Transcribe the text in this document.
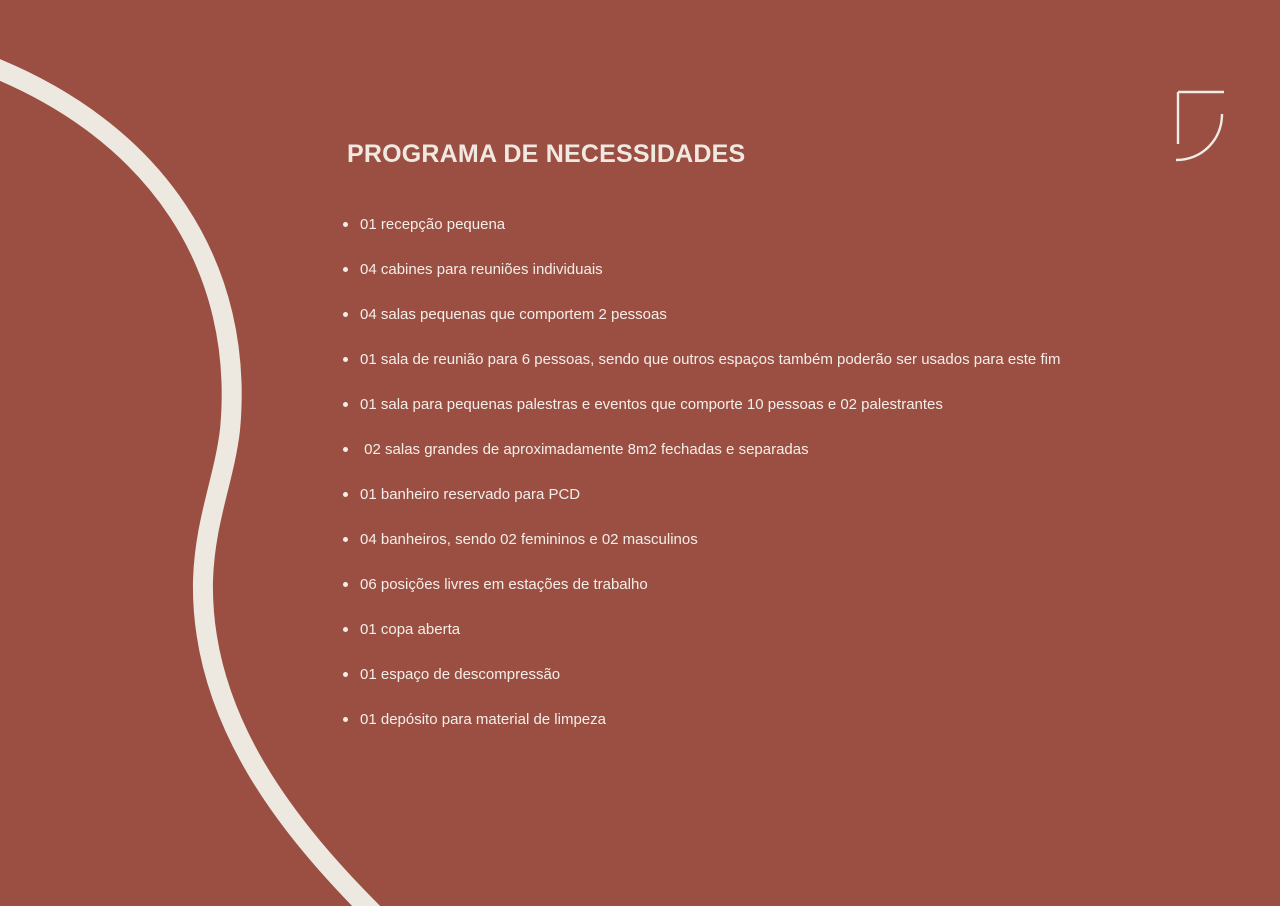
PROGRAMA DE NECESSIDADES
01 recepção pequena
04 cabines para reuniões individuais
04 salas pequenas que comportem 2 pessoas
01 sala de reunião para 6 pessoas, sendo que outros espaços também poderão ser usados para este fim
01 sala para pequenas palestras e eventos que comporte 10 pessoas e 02 palestrantes
02 salas grandes de aproximadamente 8m2 fechadas e separadas
01 banheiro reservado para PCD
04 banheiros, sendo 02 femininos e 02 masculinos
06 posições livres em estações de trabalho
01 copa aberta
01 espaço de descompressão
01 depósito para material de limpeza
